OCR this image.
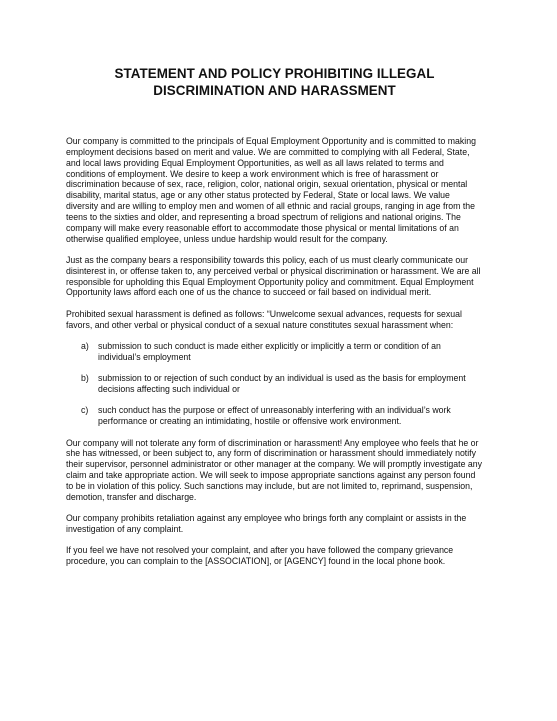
STATEMENT AND POLICY PROHIBITING ILLEGAL
DISCRIMINATION AND HARASSMENT

Our company is committed to the principals of Equal Employment Opportunity and is committed to making employment decisions based on merit and value. We are committed to complying with all Federal, State, and local laws providing Equal Employment Opportunities, as well as all laws related to terms and conditions of employment. We desire to keep a work environment which is free of harassment or discrimination because of sex, race, religion, color, national origin, sexual orientation, physical or mental disability, marital status, age or any other status protected by Federal, State or local laws. We value diversity and are willing to employ men and women of all ethnic and racial groups, ranging in age from the teens to the sixties and older, and representing a broad spectrum of religions and national origins. The company will make every reasonable effort to accommodate those physical or mental limitations of an otherwise qualified employee, unless undue hardship would result for the company.

Just as the company bears a responsibility towards this policy, each of us must clearly communicate our disinterest in, or offense taken to, any perceived verbal or physical discrimination or harassment. We are all responsible for upholding this Equal Employment Opportunity policy and commitment. Equal Employment Opportunity laws afford each one of us the chance to succeed or fail based on individual merit.

Prohibited sexual harassment is defined as follows: “Unwelcome sexual advances, requests for sexual favors, and other verbal or physical conduct of a sexual nature constitutes sexual harassment when:

a)	submission to such conduct is made either explicitly or implicitly a term or condition of an individual’s employment
b)	submission to or rejection of such conduct by an individual is used as the basis for employment decisions affecting such individual or
c)	such conduct has the purpose or effect of unreasonably interfering with an individual’s work performance or creating an intimidating, hostile or offensive work environment.

Our company will not tolerate any form of discrimination or harassment! Any employee who feels that he or she has witnessed, or been subject to, any form of discrimination or harassment should immediately notify their supervisor, personnel administrator or other manager at the company. We will promptly investigate any claim and take appropriate action. We will seek to impose appropriate sanctions against any person found to be in violation of this policy. Such sanctions may include, but are not limited to, reprimand, suspension, demotion, transfer and discharge.

Our company prohibits retaliation against any employee who brings forth any complaint or assists in the investigation of any complaint.

If you feel we have not resolved your complaint, and after you have followed the company grievance procedure, you can complain to the [ASSOCIATION], or [AGENCY] found in the local phone book.
